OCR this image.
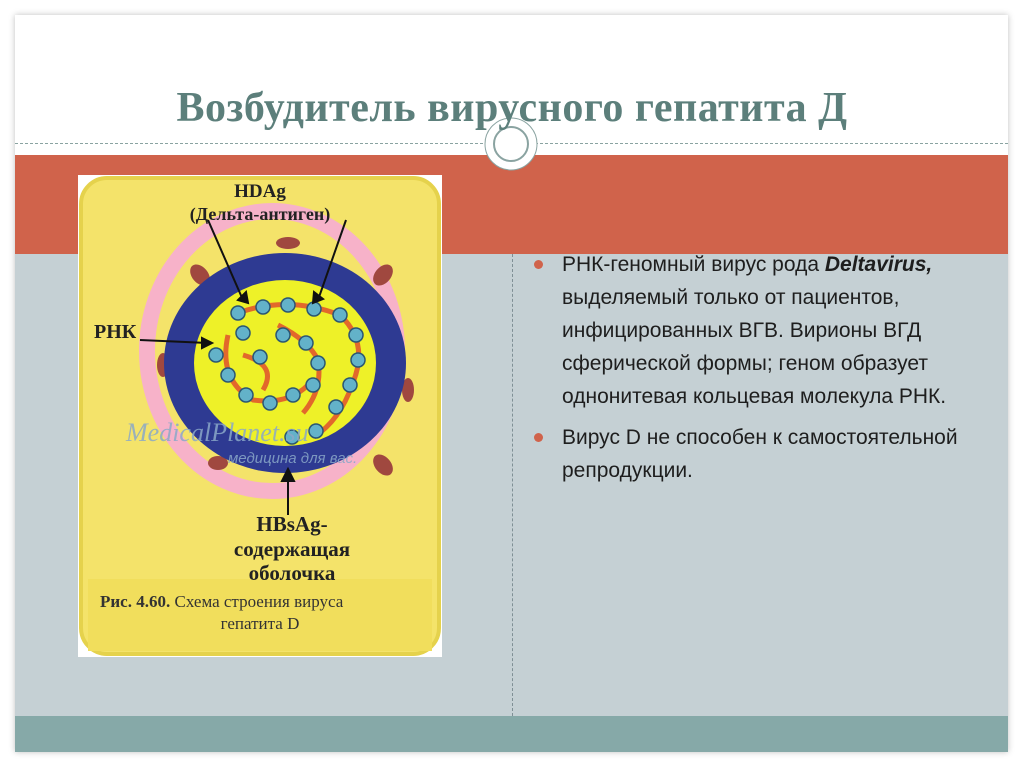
Возбудитель вирусного гепатита Д
HDAg
(Дельта-антиген)
РНК
MedicalPlanet.su
медицина для вас.
HBsAg-
содержащая
оболочка
Рис. 4.60. Схема строения вируса
гепатита D
РНК-геномный вирус рода Deltavirus, выделяемый только от пациентов, инфицированных ВГВ. Вирионы ВГД сферической формы; геном образует однонитевая кольцевая молекула РНК.
Вирус D не способен к самостоятельной репродукции.
